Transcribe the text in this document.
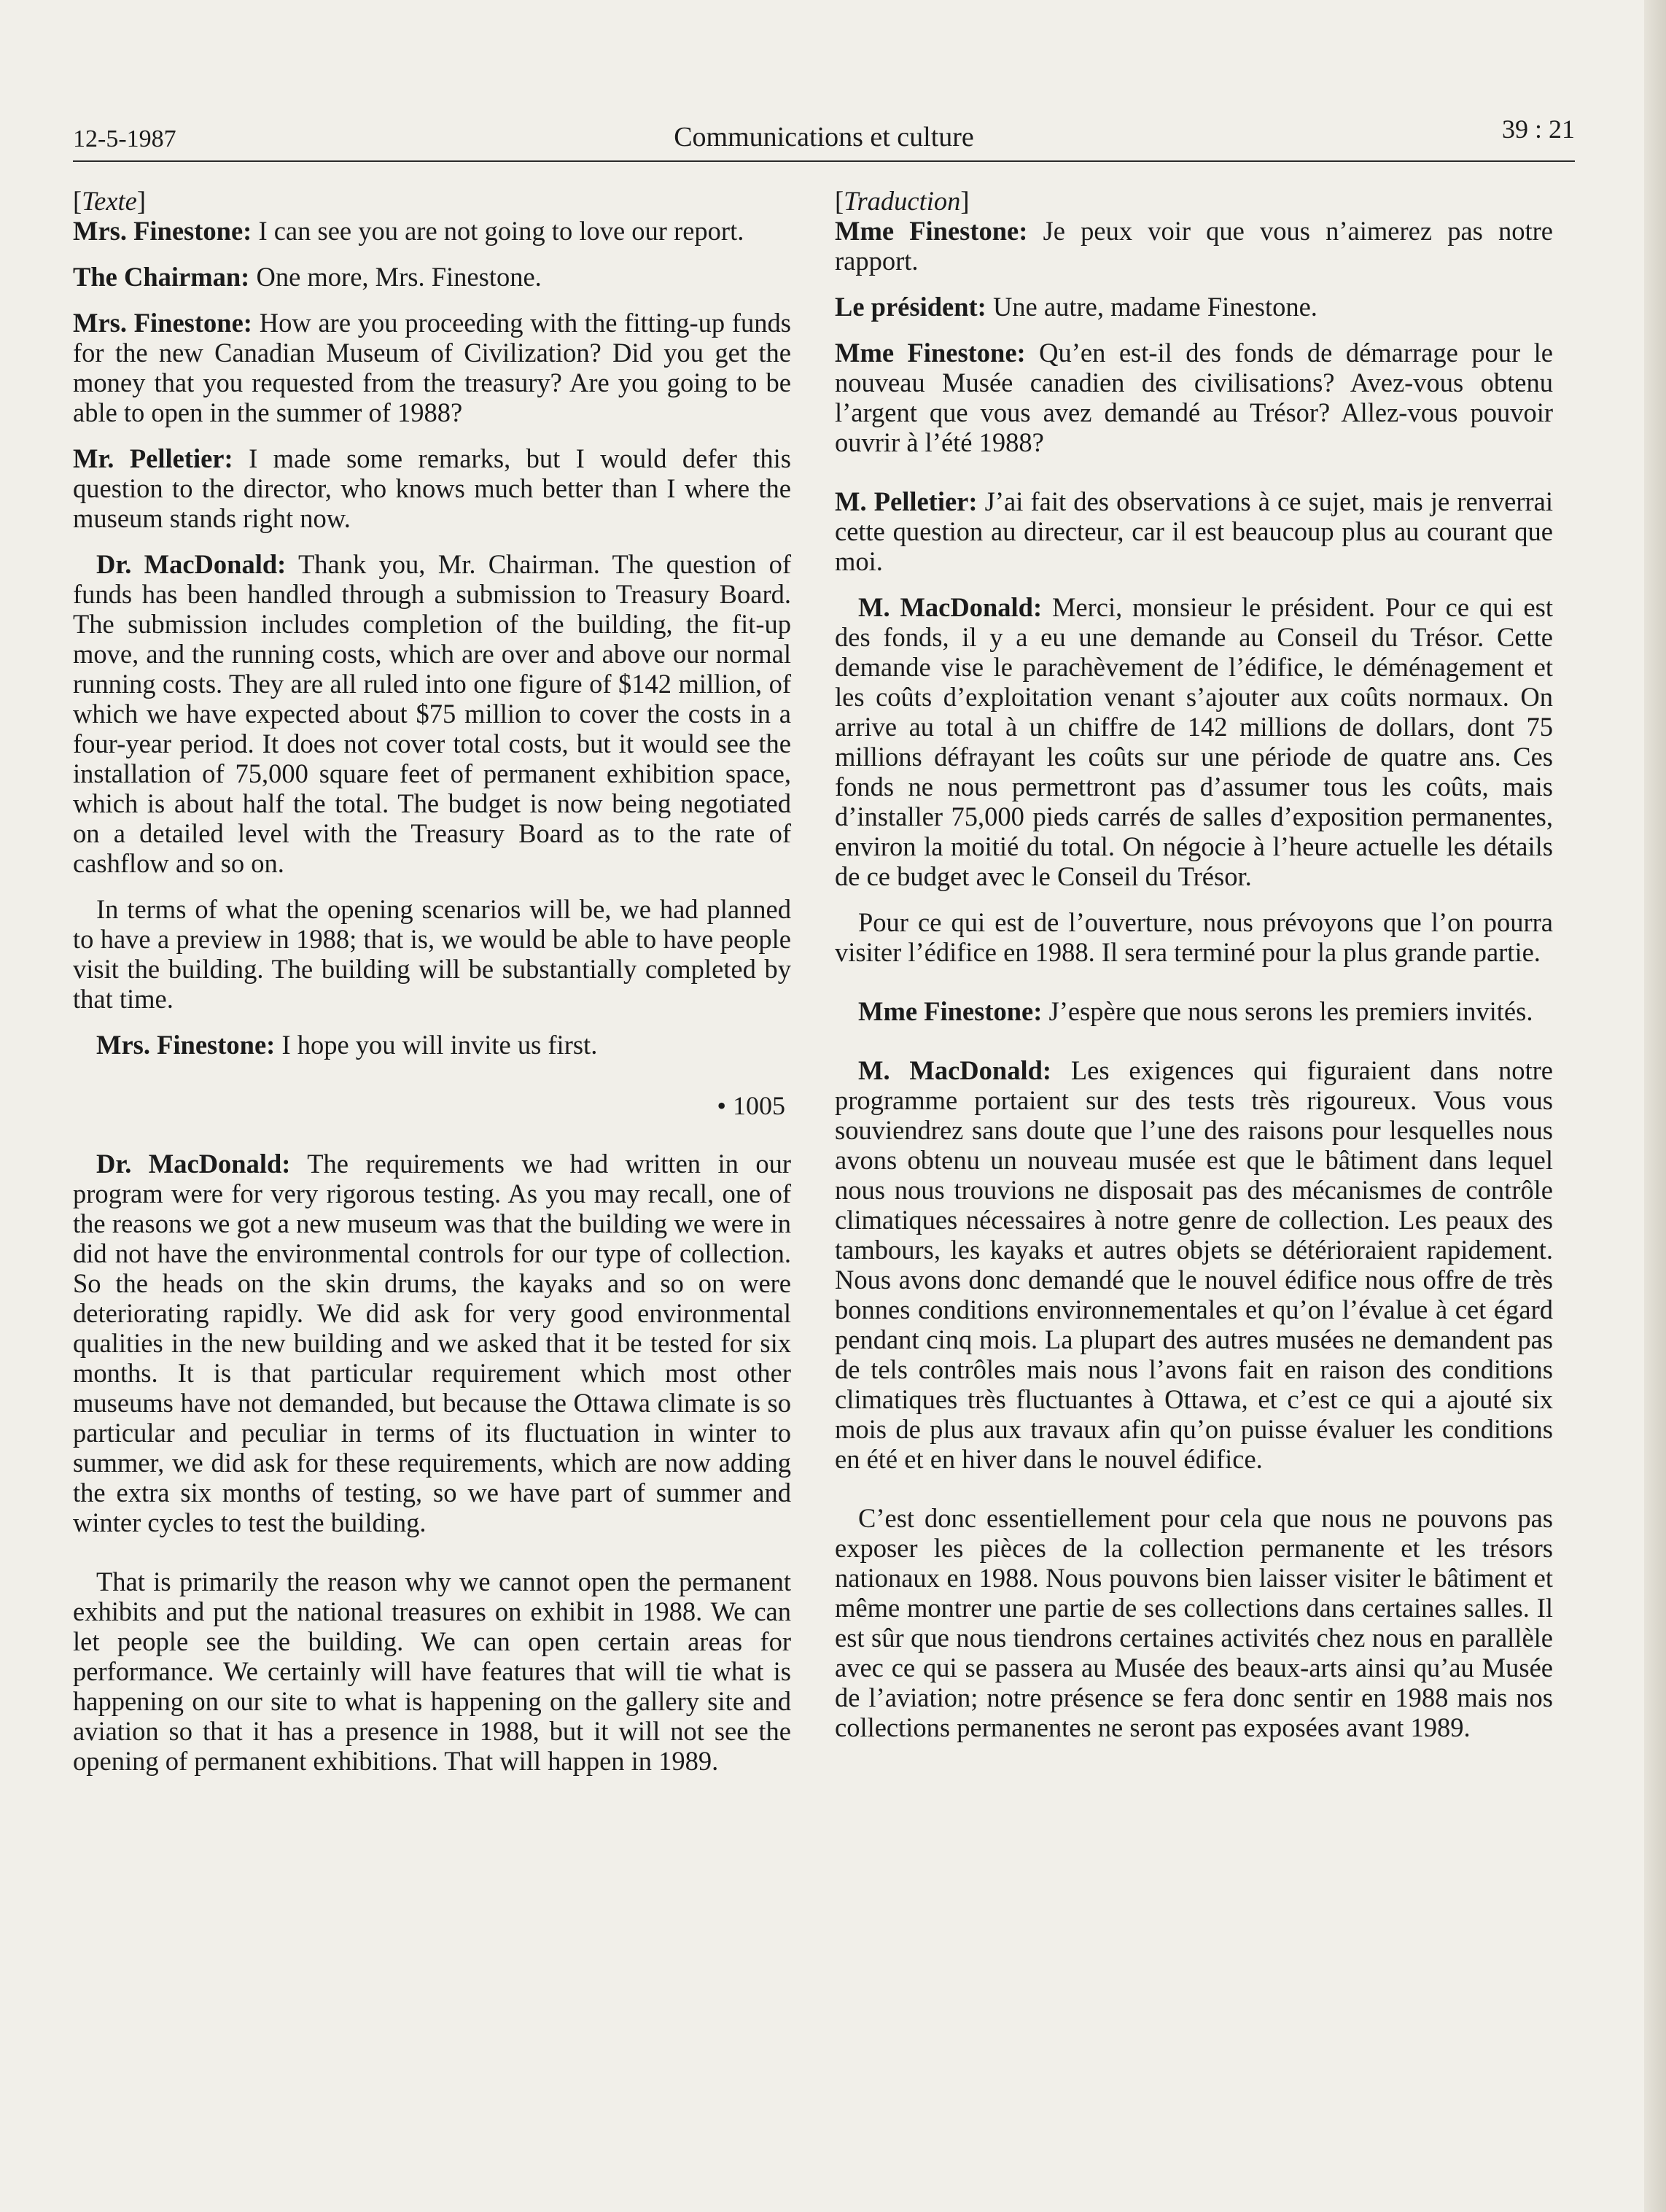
12-5-1987	Communications et culture	39 : 21
[Texte]

Mrs. Finestone: I can see you are not going to love our report.

The Chairman: One more, Mrs. Finestone.

Mrs. Finestone: How are you proceeding with the fitting-up funds for the new Canadian Museum of Civilization? Did you get the money that you requested from the treasury? Are you going to be able to open in the summer of 1988?

Mr. Pelletier: I made some remarks, but I would defer this question to the director, who knows much better than I where the museum stands right now.

Dr. MacDonald: Thank you, Mr. Chairman. The question of funds has been handled through a submission to Treasury Board. The submission includes completion of the building, the fit-up move, and the running costs, which are over and above our normal running costs. They are all ruled into one figure of $142 million, of which we have expected about $75 million to cover the costs in a four-year period. It does not cover total costs, but it would see the installation of 75,000 square feet of permanent exhibition space, which is about half the total. The budget is now being negotiated on a detailed level with the Treasury Board as to the rate of cashflow and so on.

In terms of what the opening scenarios will be, we had planned to have a preview in 1988; that is, we would be able to have people visit the building. The building will be substantially completed by that time.

Mrs. Finestone: I hope you will invite us first.

• 1005

Dr. MacDonald: The requirements we had written in our program were for very rigorous testing. As you may recall, one of the reasons we got a new museum was that the building we were in did not have the environmental controls for our type of collection. So the heads on the skin drums, the kayaks and so on were deteriorating rapidly. We did ask for very good environmental qualities in the new building and we asked that it be tested for six months. It is that particular requirement which most other museums have not demanded, but because the Ottawa climate is so particular and peculiar in terms of its fluctuation in winter to summer, we did ask for these requirements, which are now adding the extra six months of testing, so we have part of summer and winter cycles to test the building.

That is primarily the reason why we cannot open the permanent exhibits and put the national treasures on exhibit in 1988. We can let people see the building. We can open certain areas for performance. We certainly will have features that will tie what is happening on our site to what is happening on the gallery site and aviation so that it has a presence in 1988, but it will not see the opening of permanent exhibitions. That will happen in 1989.

[Traduction]

Mme Finestone: Je peux voir que vous n’aimerez pas notre rapport.

Le président: Une autre, madame Finestone.

Mme Finestone: Qu’en est-il des fonds de démarrage pour le nouveau Musée canadien des civilisations? Avez-vous obtenu l’argent que vous avez demandé au Trésor? Allez-vous pouvoir ouvrir à l’été 1988?

M. Pelletier: J’ai fait des observations à ce sujet, mais je renverrai cette question au directeur, car il est beaucoup plus au courant que moi.

M. MacDonald: Merci, monsieur le président. Pour ce qui est des fonds, il y a eu une demande au Conseil du Trésor. Cette demande vise le parachèvement de l’édifice, le déménagement et les coûts d’exploitation venant s’ajouter aux coûts normaux. On arrive au total à un chiffre de 142 millions de dollars, dont 75 millions défrayant les coûts sur une période de quatre ans. Ces fonds ne nous permettront pas d’assumer tous les coûts, mais d’installer 75,000 pieds carrés de salles d’exposition permanentes, environ la moitié du total. On négocie à l’heure actuelle les détails de ce budget avec le Conseil du Trésor.

Pour ce qui est de l’ouverture, nous prévoyons que l’on pourra visiter l’édifice en 1988. Il sera terminé pour la plus grande partie.

Mme Finestone: J’espère que nous serons les premiers invités.

M. MacDonald: Les exigences qui figuraient dans notre programme portaient sur des tests très rigoureux. Vous vous souviendrez sans doute que l’une des raisons pour lesquelles nous avons obtenu un nouveau musée est que le bâtiment dans lequel nous nous trouvions ne disposait pas des mécanismes de contrôle climatiques nécessaires à notre genre de collection. Les peaux des tambours, les kayaks et autres objets se détérioraient rapidement. Nous avons donc demandé que le nouvel édifice nous offre de très bonnes conditions environnementales et qu’on l’évalue à cet égard pendant cinq mois. La plupart des autres musées ne demandent pas de tels contrôles mais nous l’avons fait en raison des conditions climatiques très fluctuantes à Ottawa, et c’est ce qui a ajouté six mois de plus aux travaux afin qu’on puisse évaluer les conditions en été et en hiver dans le nouvel édifice.

C’est donc essentiellement pour cela que nous ne pouvons pas exposer les pièces de la collection permanente et les trésors nationaux en 1988. Nous pouvons bien laisser visiter le bâtiment et même montrer une partie de ses collections dans certaines salles. Il est sûr que nous tiendrons certaines activités chez nous en parallèle avec ce qui se passera au Musée des beaux-arts ainsi qu’au Musée de l’aviation; notre présence se fera donc sentir en 1988 mais nos collections permanentes ne seront pas exposées avant 1989.
